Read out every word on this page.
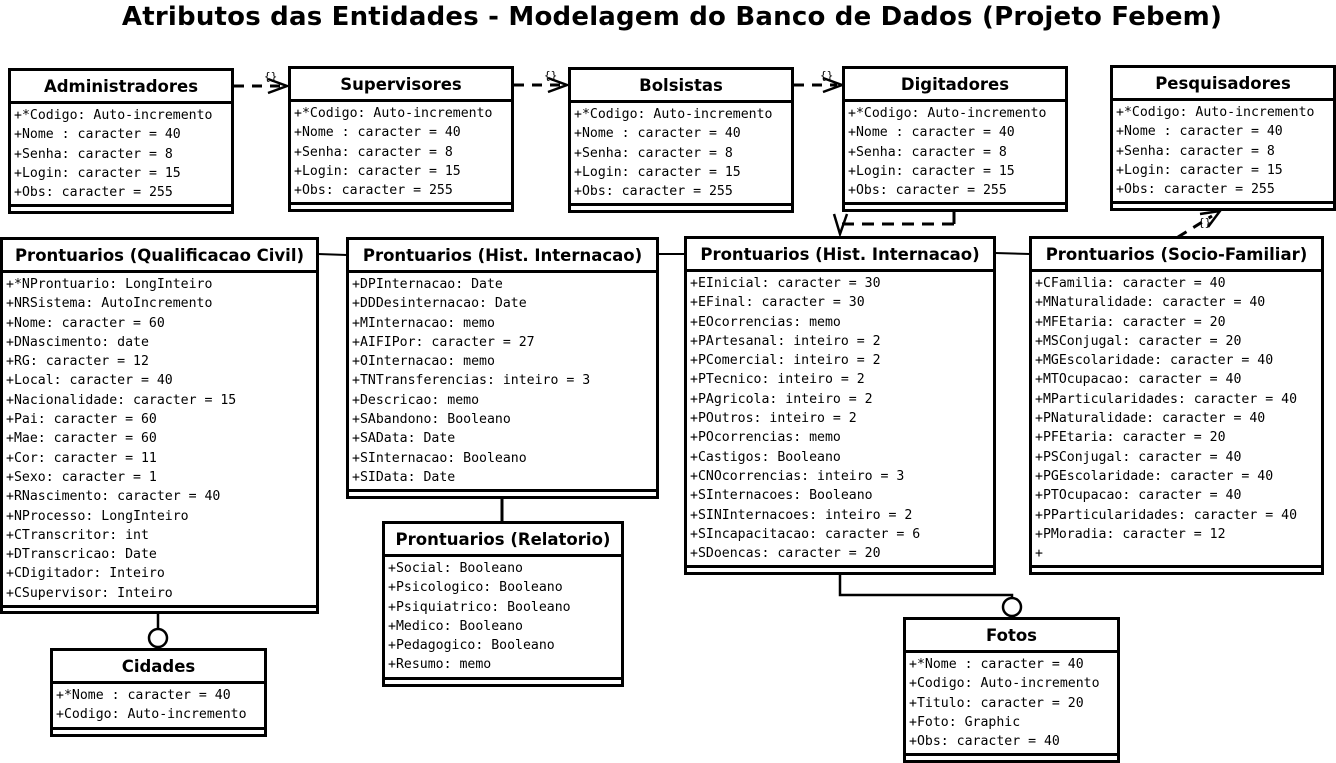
Atributos das Entidades - Modelagem do Banco de Dados (Projeto Febem)
{}	{}	{}
{}
Administradores
+*Codigo: Auto-incremento
+Nome : caracter = 40
+Senha: caracter = 8
+Login: caracter = 15
+Obs: caracter = 255
Supervisores
+*Codigo: Auto-incremento
+Nome : caracter = 40
+Senha: caracter = 8
+Login: caracter = 15
+Obs: caracter = 255
Bolsistas
+*Codigo: Auto-incremento
+Nome : caracter = 40
+Senha: caracter = 8
+Login: caracter = 15
+Obs: caracter = 255
Digitadores
+*Codigo: Auto-incremento
+Nome : caracter = 40
+Senha: caracter = 8
+Login: caracter = 15
+Obs: caracter = 255
Pesquisadores
+*Codigo: Auto-incremento
+Nome : caracter = 40
+Senha: caracter = 8
+Login: caracter = 15
+Obs: caracter = 255
Prontuarios (Qualificacao Civil)
+*NProntuario: LongInteiro
+NRSistema: AutoIncremento
+Nome: caracter = 60
+DNascimento: date
+RG: caracter = 12
+Local: caracter = 40
+Nacionalidade: caracter = 15
+Pai: caracter = 60
+Mae: caracter = 60
+Cor: caracter = 11
+Sexo: caracter = 1
+RNascimento: caracter = 40
+NProcesso: LongInteiro
+CTranscritor: int
+DTranscricao: Date
+CDigitador: Inteiro
+CSupervisor: Inteiro
Prontuarios (Hist. Internacao)
+DPInternacao: Date
+DDDesinternacao: Date
+MInternacao: memo
+AIFIPor: caracter = 27
+OInternacao: memo
+TNTransferencias: inteiro = 3
+Descricao: memo
+SAbandono: Booleano
+SAData: Date
+SInternacao: Booleano
+SIData: Date
Prontuarios (Hist. Internacao)
+EInicial: caracter = 30
+EFinal: caracter = 30
+EOcorrencias: memo
+PArtesanal: inteiro = 2
+PComercial: inteiro = 2
+PTecnico: inteiro = 2
+PAgricola: inteiro = 2
+POutros: inteiro = 2
+POcorrencias: memo
+Castigos: Booleano
+CNOcorrencias: inteiro = 3
+SInternacoes: Booleano
+SINInternacoes: inteiro = 2
+SIncapacitacao: caracter = 6
+SDoencas: caracter = 20
Prontuarios (Socio-Familiar)
+CFamilia: caracter = 40
+MNaturalidade: caracter = 40
+MFEtaria: caracter = 20
+MSConjugal: caracter = 20
+MGEscolaridade: caracter = 40
+MTOcupacao: caracter = 40
+MParticularidades: caracter = 40
+PNaturalidade: caracter = 40
+PFEtaria: caracter = 20
+PSConjugal: caracter = 40
+PGEscolaridade: caracter = 40
+PTOcupacao: caracter = 40
+PParticularidades: caracter = 40
+PMoradia: caracter = 12
+
Prontuarios (Relatorio)
+Social: Booleano
+Psicologico: Booleano
+Psiquiatrico: Booleano
+Medico: Booleano
+Pedagogico: Booleano
+Resumo: memo
Cidades
+*Nome : caracter = 40
+Codigo: Auto-incremento
Fotos
+*Nome : caracter = 40
+Codigo: Auto-incremento
+Titulo: caracter = 20
+Foto: Graphic
+Obs: caracter = 40
